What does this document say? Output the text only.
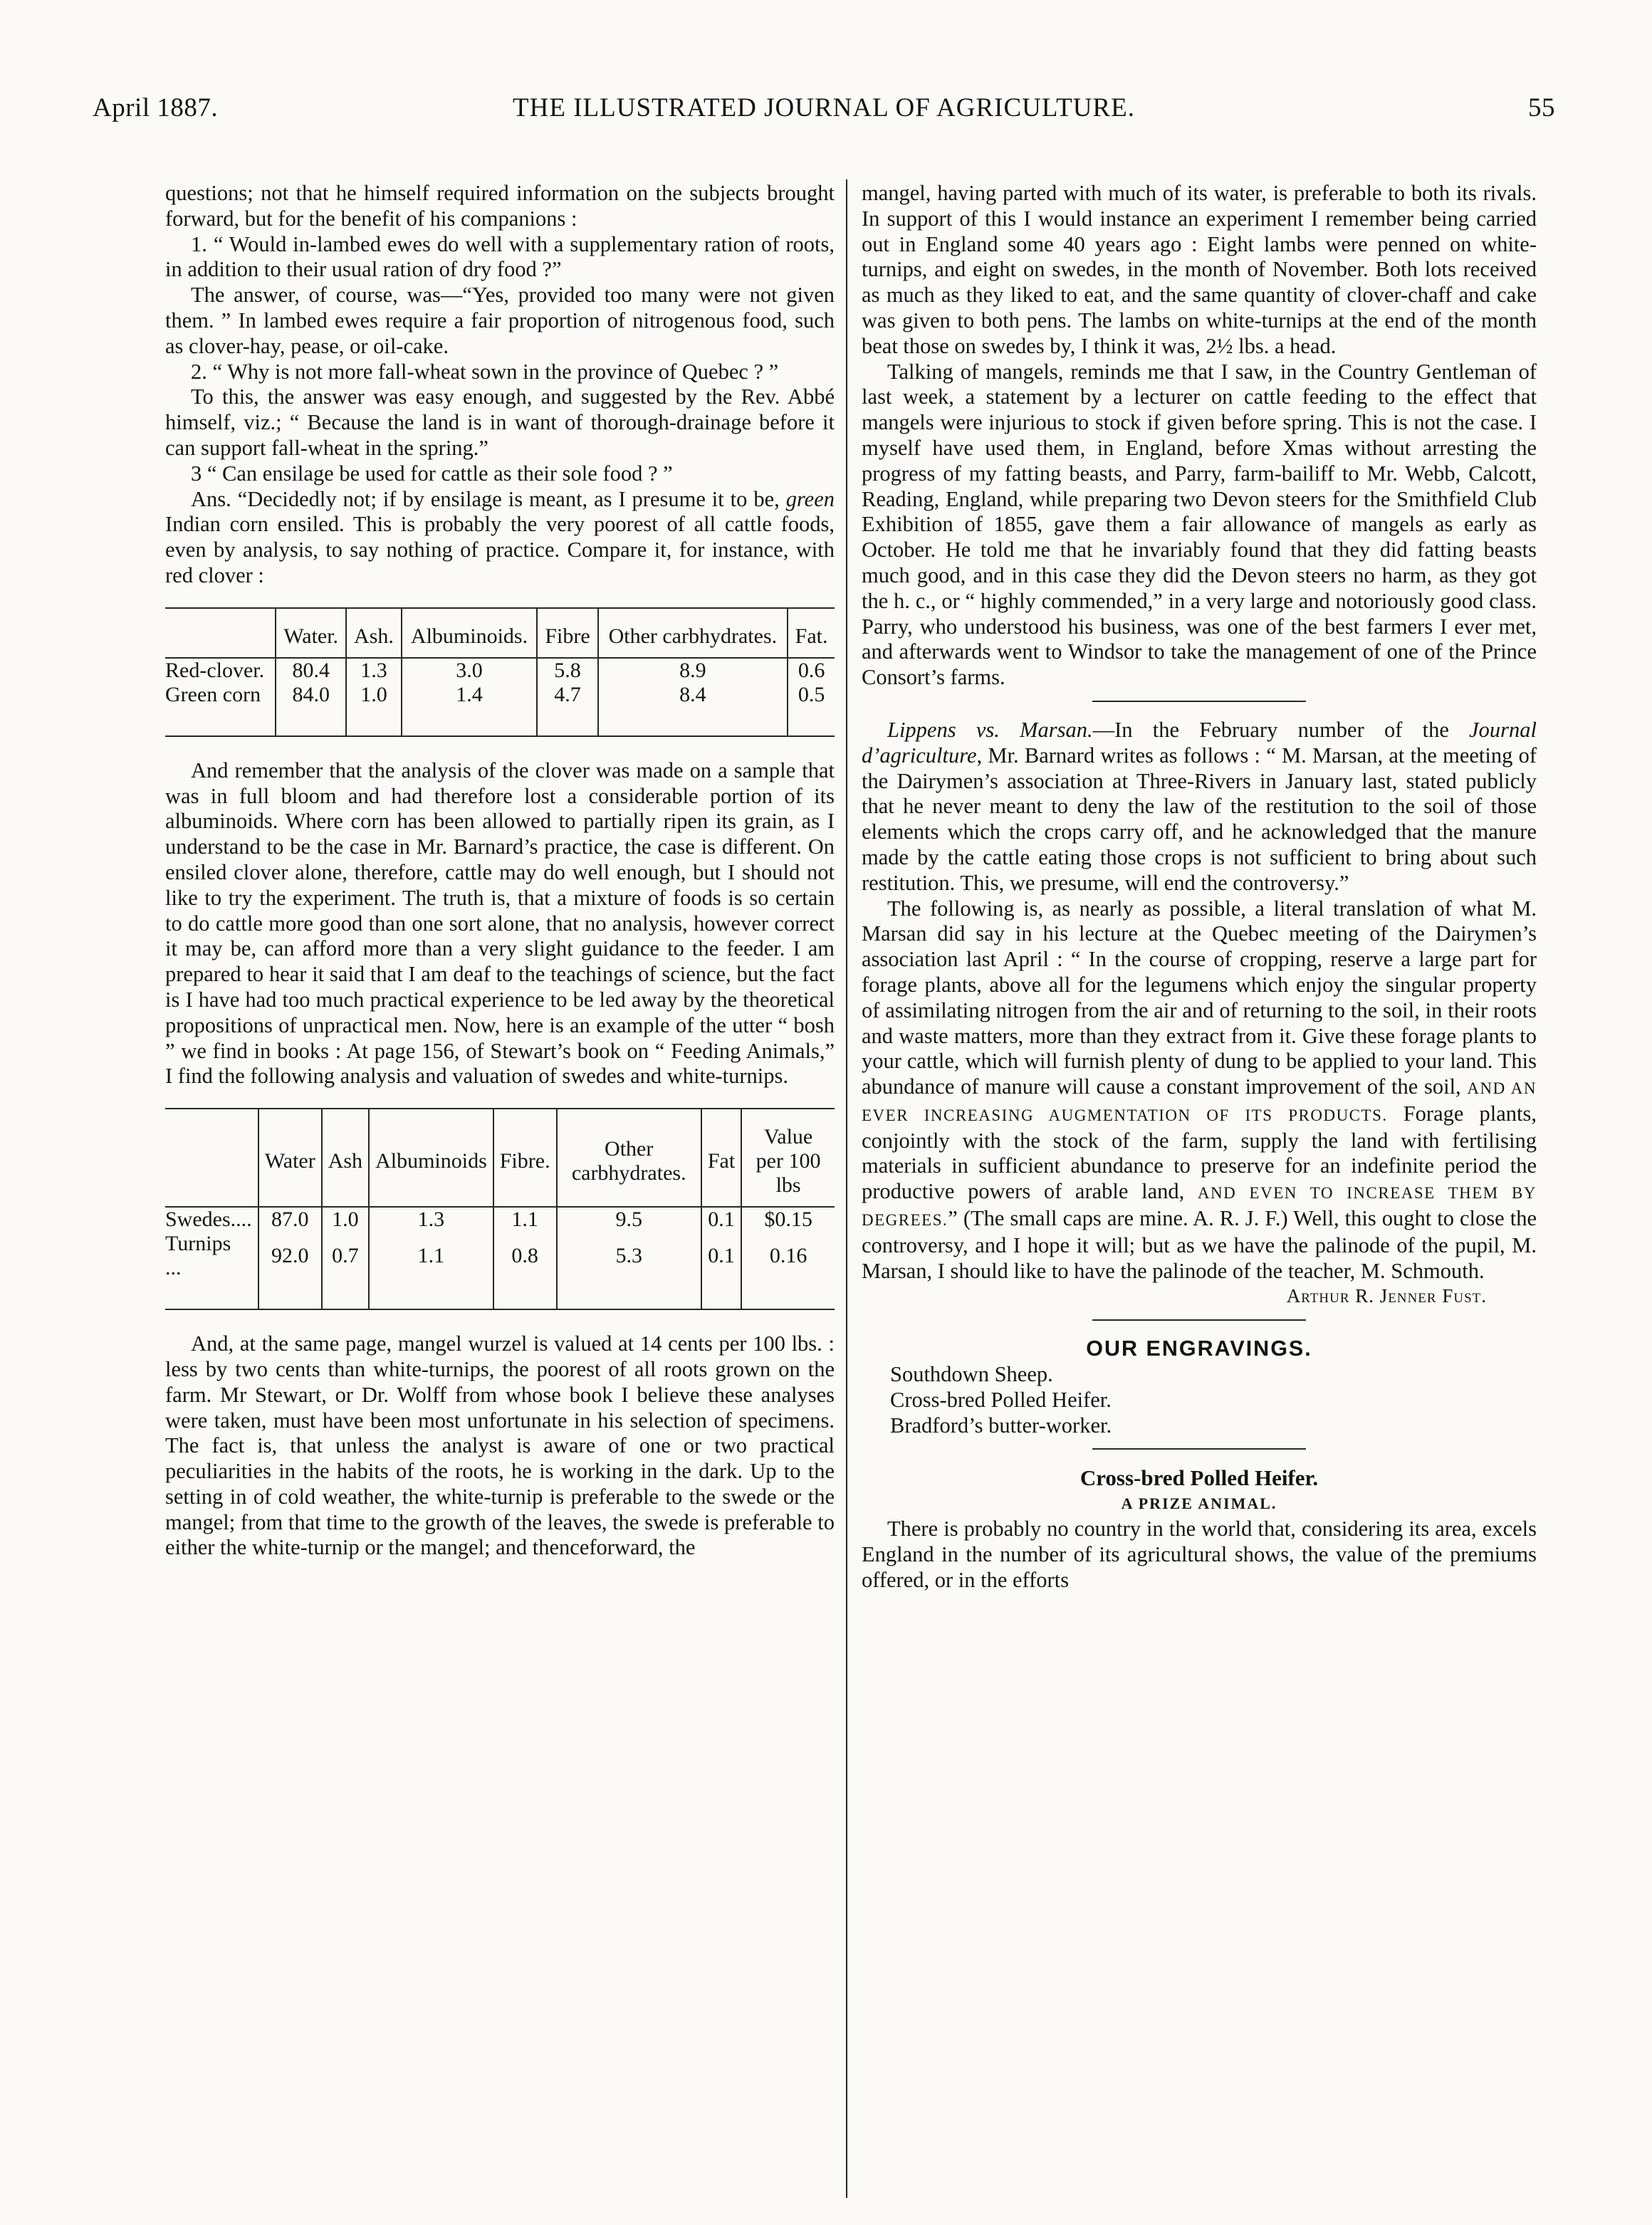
April 1887.	THE ILLUSTRATED JOURNAL OF AGRICULTURE.	55

questions; not that he himself required information on the subjects brought forward, but for the benefit of his companions :

1. “ Would in-lambed ewes do well with a supplementary ration of roots, in addition to their usual ration of dry food ?”

The answer, of course, was—“Yes, provided too many were not given them. ” In lambed ewes require a fair proportion of nitrogenous food, such as clover-hay, pease, or oil-cake.

2. “ Why is not more fall-wheat sown in the province of Quebec ? ”

To this, the answer was easy enough, and suggested by the Rev. Abbé himself, viz.; “ Because the land is in want of thorough-drainage before it can support fall-wheat in the spring.”

3 “ Can ensilage be used for cattle as their sole food ? ”

Ans. “Decidedly not; if by ensilage is meant, as I presume it to be, green Indian corn ensiled. This is probably the very poorest of all cattle foods, even by analysis, to say nothing of practice. Compare it, for instance, with red clover :

	Water.	Ash.	Albuminoids.	Fibre	Other carbhydrates.	Fat.
Red-clover.	80.4	1.3	3.0	5.8	8.9	0.6
Green corn	84.0	1.0	1.4	4.7	8.4	0.5

And remember that the analysis of the clover was made on a sample that was in full bloom and had therefore lost a considerable portion of its albuminoids. Where corn has been allowed to partially ripen its grain, as I understand to be the case in Mr. Barnard’s practice, the case is different. On ensiled clover alone, therefore, cattle may do well enough, but I should not like to try the experiment. The truth is, that a mixture of foods is so certain to do cattle more good than one sort alone, that no analysis, however correct it may be, can afford more than a very slight guidance to the feeder. I am prepared to hear it said that I am deaf to the teachings of science, but the fact is I have had too much practical experience to be led away by the theoretical propositions of unpractical men. Now, here is an example of the utter “ bosh ” we find in books : At page 156, of Stewart’s book on “ Feeding Animals,” I find the following analysis and valuation of swedes and white-turnips.

	Water	Ash	Albuminoids	Fibre.	Other carbhydrates.	Fat	Value per 100 lbs
Swedes....	87.0	1.0	1.3	1.1	9.5	0.1	$0.15
Turnips ...	92.0	0.7	1.1	0.8	5.3	0.1	0.16

And, at the same page, mangel wurzel is valued at 14 cents per 100 lbs. : less by two cents than white-turnips, the poorest of all roots grown on the farm. Mr Stewart, or Dr. Wolff from whose book I believe these analyses were taken, must have been most unfortunate in his selection of specimens. The fact is, that unless the analyst is aware of one or two practical peculiarities in the habits of the roots, he is working in the dark. Up to the setting in of cold weather, the white-turnip is preferable to the swede or the mangel; from that time to the growth of the leaves, the swede is preferable to either the white-turnip or the mangel; and thenceforward, the

mangel, having parted with much of its water, is preferable to both its rivals. In support of this I would instance an experiment I remember being carried out in England some 40 years ago : Eight lambs were penned on white-turnips, and eight on swedes, in the month of November. Both lots received as much as they liked to eat, and the same quantity of clover-chaff and cake was given to both pens. The lambs on white-turnips at the end of the month beat those on swedes by, I think it was, 2½ lbs. a head.

Talking of mangels, reminds me that I saw, in the Country Gentleman of last week, a statement by a lecturer on cattle feeding to the effect that mangels were injurious to stock if given before spring. This is not the case. I myself have used them, in England, before Xmas without arresting the progress of my fatting beasts, and Parry, farm-bailiff to Mr. Webb, Calcott, Reading, England, while preparing two Devon steers for the Smithfield Club Exhibition of 1855, gave them a fair allowance of mangels as early as October. He told me that he invariably found that they did fatting beasts much good, and in this case they did the Devon steers no harm, as they got the h. c., or “ highly commended,” in a very large and notoriously good class. Parry, who understood his business, was one of the best farmers I ever met, and afterwards went to Windsor to take the management of one of the Prince Consort’s farms.

Lippens vs. Marsan.—In the February number of the Journal d’agriculture, Mr. Barnard writes as follows : “ M. Marsan, at the meeting of the Dairymen’s association at Three-Rivers in January last, stated publicly that he never meant to deny the law of the restitution to the soil of those elements which the crops carry off, and he acknowledged that the manure made by the cattle eating those crops is not sufficient to bring about such restitution. This, we presume, will end the controversy.”

The following is, as nearly as possible, a literal translation of what M. Marsan did say in his lecture at the Quebec meeting of the Dairymen’s association last April : “ In the course of cropping, reserve a large part for forage plants, above all for the legumens which enjoy the singular property of assimilating nitrogen from the air and of returning to the soil, in their roots and waste matters, more than they extract from it. Give these forage plants to your cattle, which will furnish plenty of dung to be applied to your land. This abundance of manure will cause a constant improvement of the soil, AND AN EVER INCREASING AUGMENTATION OF ITS PRODUCTS. Forage plants, conjointly with the stock of the farm, supply the land with fertilising materials in sufficient abundance to preserve for an indefinite period the productive powers of arable land, AND EVEN TO INCREASE THEM BY DEGREES.” (The small caps are mine. A. R. J. F.) Well, this ought to close the controversy, and I hope it will; but as we have the palinode of the pupil, M. Marsan, I should like to have the palinode of the teacher, M. Schmouth.

Arthur R. Jenner Fust.

OUR ENGRAVINGS.

Southdown Sheep.

Cross-bred Polled Heifer.

Bradford’s butter-worker.

Cross-bred Polled Heifer.

A PRIZE ANIMAL.

There is probably no country in the world that, considering its area, excels England in the number of its agricultural shows, the value of the premiums offered, or in the efforts
